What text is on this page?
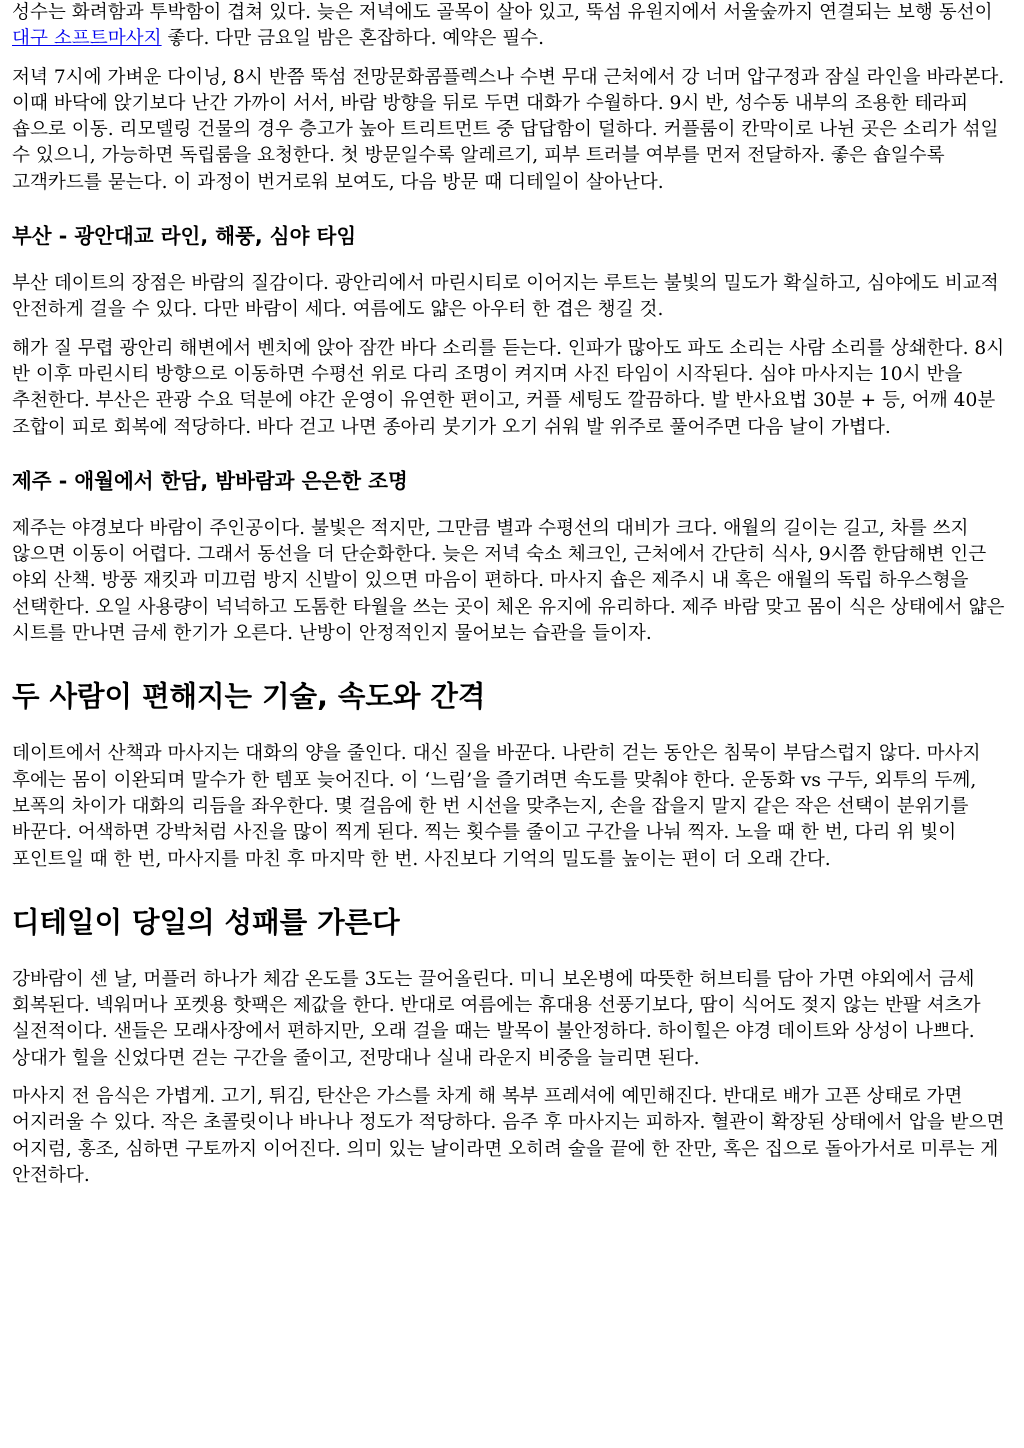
성수는 화려함과 투박함이 겹쳐 있다. 늦은 저녁에도 골목이 살아 있고, 뚝섬 유원지에서 서울숲까지 연결되는 보행 동선이 대구 소프트마사지 좋다. 다만 금요일 밤은 혼잡하다. 예약은 필수.

저녁 7시에 가벼운 다이닝, 8시 반쯤 뚝섬 전망문화콤플렉스나 수변 무대 근처에서 강 너머 압구정과 잠실 라인을 바라본다. 이때 바닥에 앉기보다 난간 가까이 서서, 바람 방향을 뒤로 두면 대화가 수월하다. 9시 반, 성수동 내부의 조용한 테라피 숍으로 이동. 리모델링 건물의 경우 층고가 높아 트리트먼트 중 답답함이 덜하다. 커플룸이 칸막이로 나뉜 곳은 소리가 섞일 수 있으니, 가능하면 독립룸을 요청한다. 첫 방문일수록 알레르기, 피부 트러블 여부를 먼저 전달하자. 좋은 숍일수록 고객카드를 묻는다. 이 과정이 번거로워 보여도, 다음 방문 때 디테일이 살아난다.

부산 - 광안대교 라인, 해풍, 심야 타임

부산 데이트의 장점은 바람의 질감이다. 광안리에서 마린시티로 이어지는 루트는 불빛의 밀도가 확실하고, 심야에도 비교적 안전하게 걸을 수 있다. 다만 바람이 세다. 여름에도 얇은 아우터 한 겹은 챙길 것.

해가 질 무렵 광안리 해변에서 벤치에 앉아 잠깐 바다 소리를 듣는다. 인파가 많아도 파도 소리는 사람 소리를 상쇄한다. 8시 반 이후 마린시티 방향으로 이동하면 수평선 위로 다리 조명이 켜지며 사진 타임이 시작된다. 심야 마사지는 10시 반을 추천한다. 부산은 관광 수요 덕분에 야간 운영이 유연한 편이고, 커플 세팅도 깔끔하다. 발 반사요법 30분 + 등, 어깨 40분 조합이 피로 회복에 적당하다. 바다 걷고 나면 종아리 붓기가 오기 쉬워 발 위주로 풀어주면 다음 날이 가볍다.

제주 - 애월에서 한담, 밤바람과 은은한 조명

제주는 야경보다 바람이 주인공이다. 불빛은 적지만, 그만큼 별과 수평선의 대비가 크다. 애월의 길이는 길고, 차를 쓰지 않으면 이동이 어렵다. 그래서 동선을 더 단순화한다. 늦은 저녁 숙소 체크인, 근처에서 간단히 식사, 9시쯤 한담해변 인근 야외 산책. 방풍 재킷과 미끄럼 방지 신발이 있으면 마음이 편하다. 마사지 숍은 제주시 내 혹은 애월의 독립 하우스형을 선택한다. 오일 사용량이 넉넉하고 도톰한 타월을 쓰는 곳이 체온 유지에 유리하다. 제주 바람 맞고 몸이 식은 상태에서 얇은 시트를 만나면 금세 한기가 오른다. 난방이 안정적인지 물어보는 습관을 들이자.

두 사람이 편해지는 기술, 속도와 간격

데이트에서 산책과 마사지는 대화의 양을 줄인다. 대신 질을 바꾼다. 나란히 걷는 동안은 침묵이 부담스럽지 않다. 마사지 후에는 몸이 이완되며 말수가 한 템포 늦어진다. 이 ‘느림’을 즐기려면 속도를 맞춰야 한다. 운동화 vs 구두, 외투의 두께, 보폭의 차이가 대화의 리듬을 좌우한다. 몇 걸음에 한 번 시선을 맞추는지, 손을 잡을지 말지 같은 작은 선택이 분위기를 바꾼다. 어색하면 강박처럼 사진을 많이 찍게 된다. 찍는 횟수를 줄이고 구간을 나눠 찍자. 노을 때 한 번, 다리 위 빛이 포인트일 때 한 번, 마사지를 마친 후 마지막 한 번. 사진보다 기억의 밀도를 높이는 편이 더 오래 간다.

디테일이 당일의 성패를 가른다

강바람이 센 날, 머플러 하나가 체감 온도를 3도는 끌어올린다. 미니 보온병에 따뜻한 허브티를 담아 가면 야외에서 금세 회복된다. 넥워머나 포켓용 핫팩은 제값을 한다. 반대로 여름에는 휴대용 선풍기보다, 땀이 식어도 젖지 않는 반팔 셔츠가 실전적이다. 샌들은 모래사장에서 편하지만, 오래 걸을 때는 발목이 불안정하다. 하이힐은 야경 데이트와 상성이 나쁘다. 상대가 힐을 신었다면 걷는 구간을 줄이고, 전망대나 실내 라운지 비중을 늘리면 된다.

마사지 전 음식은 가볍게. 고기, 튀김, 탄산은 가스를 차게 해 복부 프레셔에 예민해진다. 반대로 배가 고픈 상태로 가면 어지러울 수 있다. 작은 초콜릿이나 바나나 정도가 적당하다. 음주 후 마사지는 피하자. 혈관이 확장된 상태에서 압을 받으면 어지럼, 홍조, 심하면 구토까지 이어진다. 의미 있는 날이라면 오히려 술을 끝에 한 잔만, 혹은 집으로 돌아가서로 미루는 게 안전하다.
